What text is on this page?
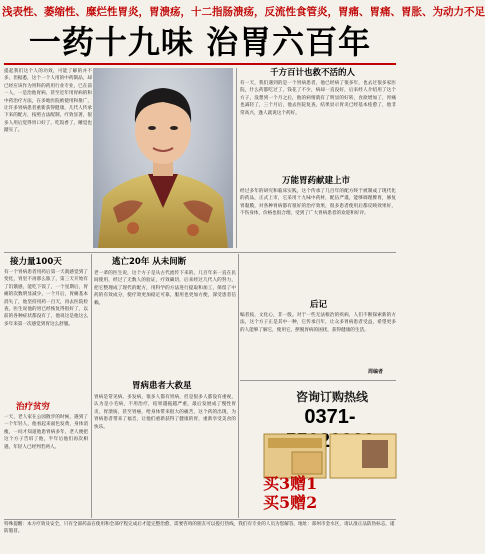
浅表性、萎缩性、糜烂性胃炎，胃溃疡，十二指肠溃疡，反流性食管炎，胃痛、胃痛、胃胀、为动力不足
一药十九味 治胃六百年
提起我们这个人的功效，可能了解的并不多，但据悉，这个一个人用的中药制品，却已经应该作为胃科的药用行业专业，已在前一人，一是治他胃病，甚至近年用胃病的和中药治疗方法，在多地医院被使用和推广，让许多胃病患者重新获得健康，几代人传承下来的配方，按照古法配制，疗效显著，很多人用后觉得胃口好了，吃饭香了，睡觉也踏实了。
千方百计也救不活的人
有一天，我们遇到的是一个胃病患者，他已经病了很多年，也去过很多家医院，什么药都吃过了，钱花了不少，病却一直没好，后来经人介绍用了这个方子，没想到一个月之后，他的病情就有了明显的好转，食欲增加了，胃痛也减轻了，三个月后，他去医院复查，结果显示胃炎已经基本痊愈了，他非常高兴，逢人就说这个药好。
万能胃药献建上市
经过多年的研究和临床实践，这个传承了几百年的配方终于被制成了现代化的药品，正式上市，它采用十九味中药材，配伍严谨，能够调理脾胃，修复胃黏膜，对各种胃病都有很好的治疗效果，很多患者使用后都反映效果好，不伤身体，价格也很合理，受到了广大胃病患者的欢迎和好评。
接力量100天
有一个胃病患者用药后第一天就感觉到了变化，胃里不再那么胀了，第三天开始有了饥饿感，能吃下饭了，一个星期后，胃痛的次数明显减少，一个月后，胃痛基本消失了，他坚持用药一百天，再去医院检查，医生说他的胃已经恢复得很好了，以前的各种症状都没有了，他说这是他这么多年来第一次感觉到胃这么舒服。
治疗贫穷
一天，老人家在公园散步的时候，遇到了一个年轻人，他看起来面色发黄，身体消瘦，一问才知道他患胃病多年，老人便把这个方子告诉了他，半年后他们再次相遇，年轻人已经判若两人。
逃亡20年 从未间断
老一辈的医生说，这个方子是从古代流传下来的，几百年来一直在民间使用，经过了无数人的验证，疗效确切，后来经过几代人的努力，把它整理成了现代的配方，用科学的方法进行提取和加工，保留了中药的有效成分，使疗效更加稳定可靠，服用也更加方便，深受患者信赖。
胃病患者大救星
胃病是常见病、多发病，很多人都有胃病，但是很多人都没有重视，认为是小毛病，不用治疗，结果越拖越严重，最后发展成了慢性胃炎、胃溃疡，甚至胃癌，给身体带来很大的痛苦，这个药的出现，为胃病患者带来了福音，让他们重新获得了健康的胃，重新享受美食的快乐。
后记
编者按，文化心，非一般。对于一些无法根治的疾病，人们不断探索新的方法，这个方子正是其中一种，它传承百年，让众多胃病患者受益，希望更多的人能够了解它，使用它，摆脱胃病的困扰，获得健康的生活。
周编者
咨询订购热线
0371-
买3赠1
买5赠2
特殊提醒：本方疗效及安全，只有全部药品在使用和全部疗程完成后才能完整治愈，需要咨询的朋友可以拨打热线，我们有专业的人员为您解答，地址：郑州市金水区，请认准正品防伪标志，谨防假冒。
